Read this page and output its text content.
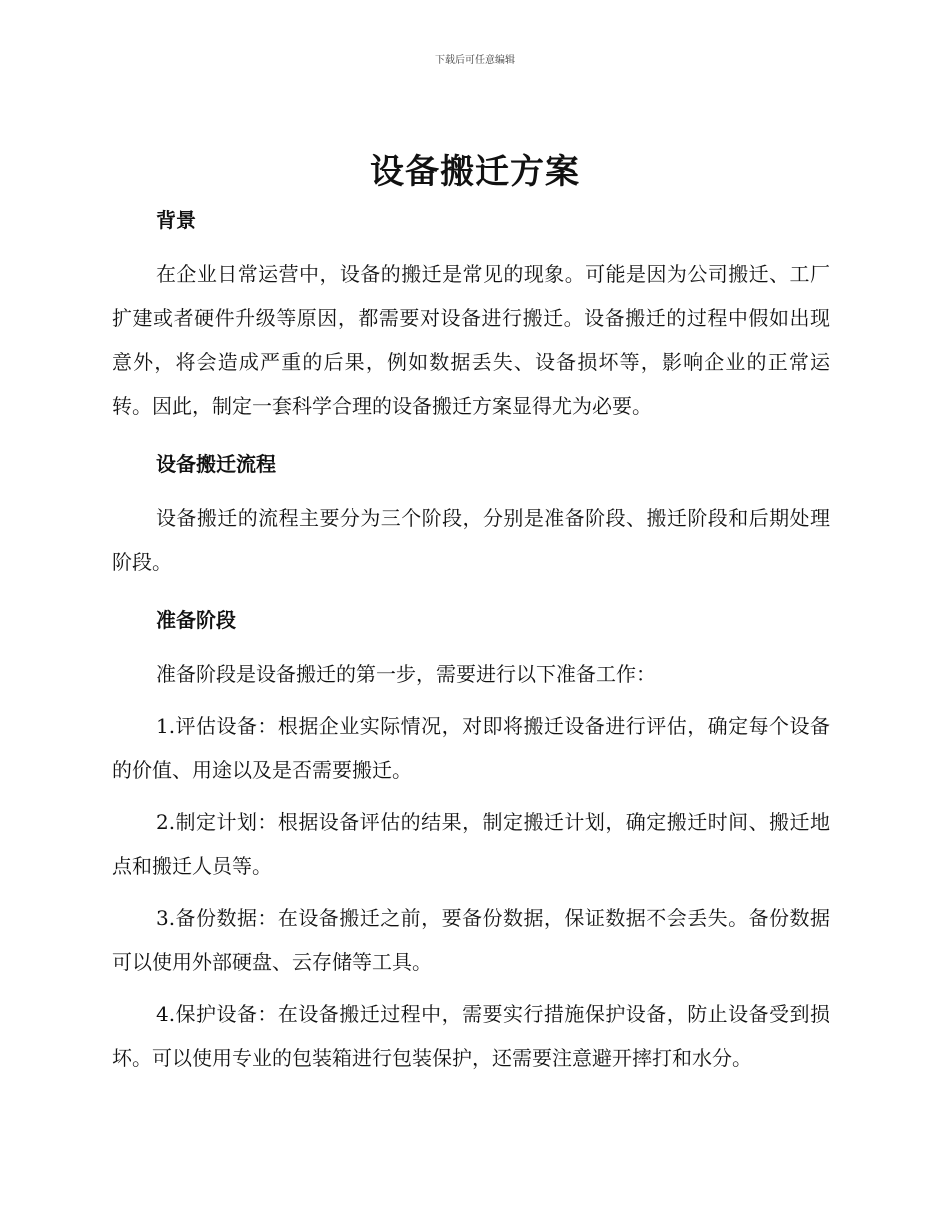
下载后可任意编辑
设备搬迁方案
背景

在企业日常运营中，设备的搬迁是常见的现象。可能是因为公司搬迁、工厂扩建或者硬件升级等原因，都需要对设备进行搬迁。设备搬迁的过程中假如出现意外，将会造成严重的后果，例如数据丢失、设备损坏等，影响企业的正常运转。因此，制定一套科学合理的设备搬迁方案显得尤为必要。

设备搬迁流程

设备搬迁的流程主要分为三个阶段，分别是准备阶段、搬迁阶段和后期处理阶段。

准备阶段

准备阶段是设备搬迁的第一步，需要进行以下准备工作：

1.评估设备：根据企业实际情况，对即将搬迁设备进行评估，确定每个设备的价值、用途以及是否需要搬迁。

2.制定计划：根据设备评估的结果，制定搬迁计划，确定搬迁时间、搬迁地点和搬迁人员等。

3.备份数据：在设备搬迁之前，要备份数据，保证数据不会丢失。备份数据可以使用外部硬盘、云存储等工具。

4.保护设备：在设备搬迁过程中，需要实行措施保护设备，防止设备受到损坏。可以使用专业的包装箱进行包装保护，还需要注意避开摔打和水分。
